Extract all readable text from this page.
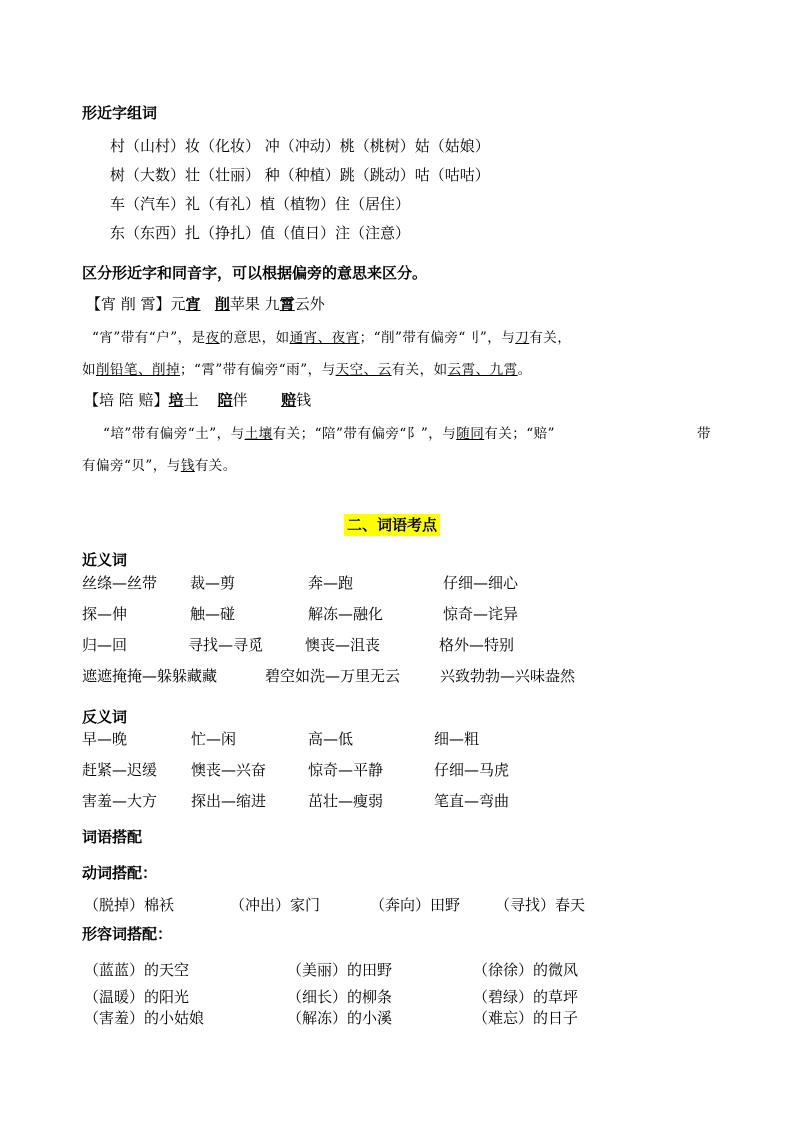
形近字组词
村（山村）妆（化妆） 冲（冲动）桃（桃树）姑（姑娘）
树（大数）壮（壮丽） 种（种植）跳（跳动）咕（咕咕）
车（汽车）礼（有礼）植（植物）住（居住）
东（东西）扎（挣扎）值（值日）注（注意）
区分形近字和同音字，可以根据偏旁的意思来区分。
【宵 削 霄】元宵 削苹果 九霄云外
“宵”带有“户”，是夜的意思，如通宵、夜宵；“削”带有偏旁“刂”，与刀有关，
如削铅笔、削掉；“霄”带有偏旁“雨”，与天空、云有关，如云霄、九霄。
【培 陪 赔】培土 陪伴 赔钱
“培”带有偏旁“土”，与土壤有关；“陪”带有偏旁“阝”，与随同有关；“赔”	带
有偏旁“贝”，与钱有关。
二、词语考点
近义词
丝绦—丝带 裁—剪	奔—跑	仔细—细心
探—伸	触—碰	解冻—融化	惊奇—诧异
归—回	寻找—寻觅	懊丧—沮丧	格外—特别
遮遮掩掩—躲躲藏藏	碧空如洗—万里无云	兴致勃勃—兴味盎然
反义词
早—晚	忙—闲	高—低	细—粗
赶紧—迟缓 懊丧—兴奋	惊奇—平静	仔细—马虎
害羞—大方 探出—缩进	茁壮—瘦弱	笔直—弯曲
词语搭配
动词搭配：
（脱掉）棉袄	（冲出）家门	（奔向）田野 （寻找）春天
形容词搭配：
（蓝蓝）的天空	（美丽）的田野	（徐徐）的微风
（温暖）的阳光	（细长）的柳条	（碧绿）的草坪
（害羞）的小姑娘	（解冻）的小溪	（难忘）的日子
